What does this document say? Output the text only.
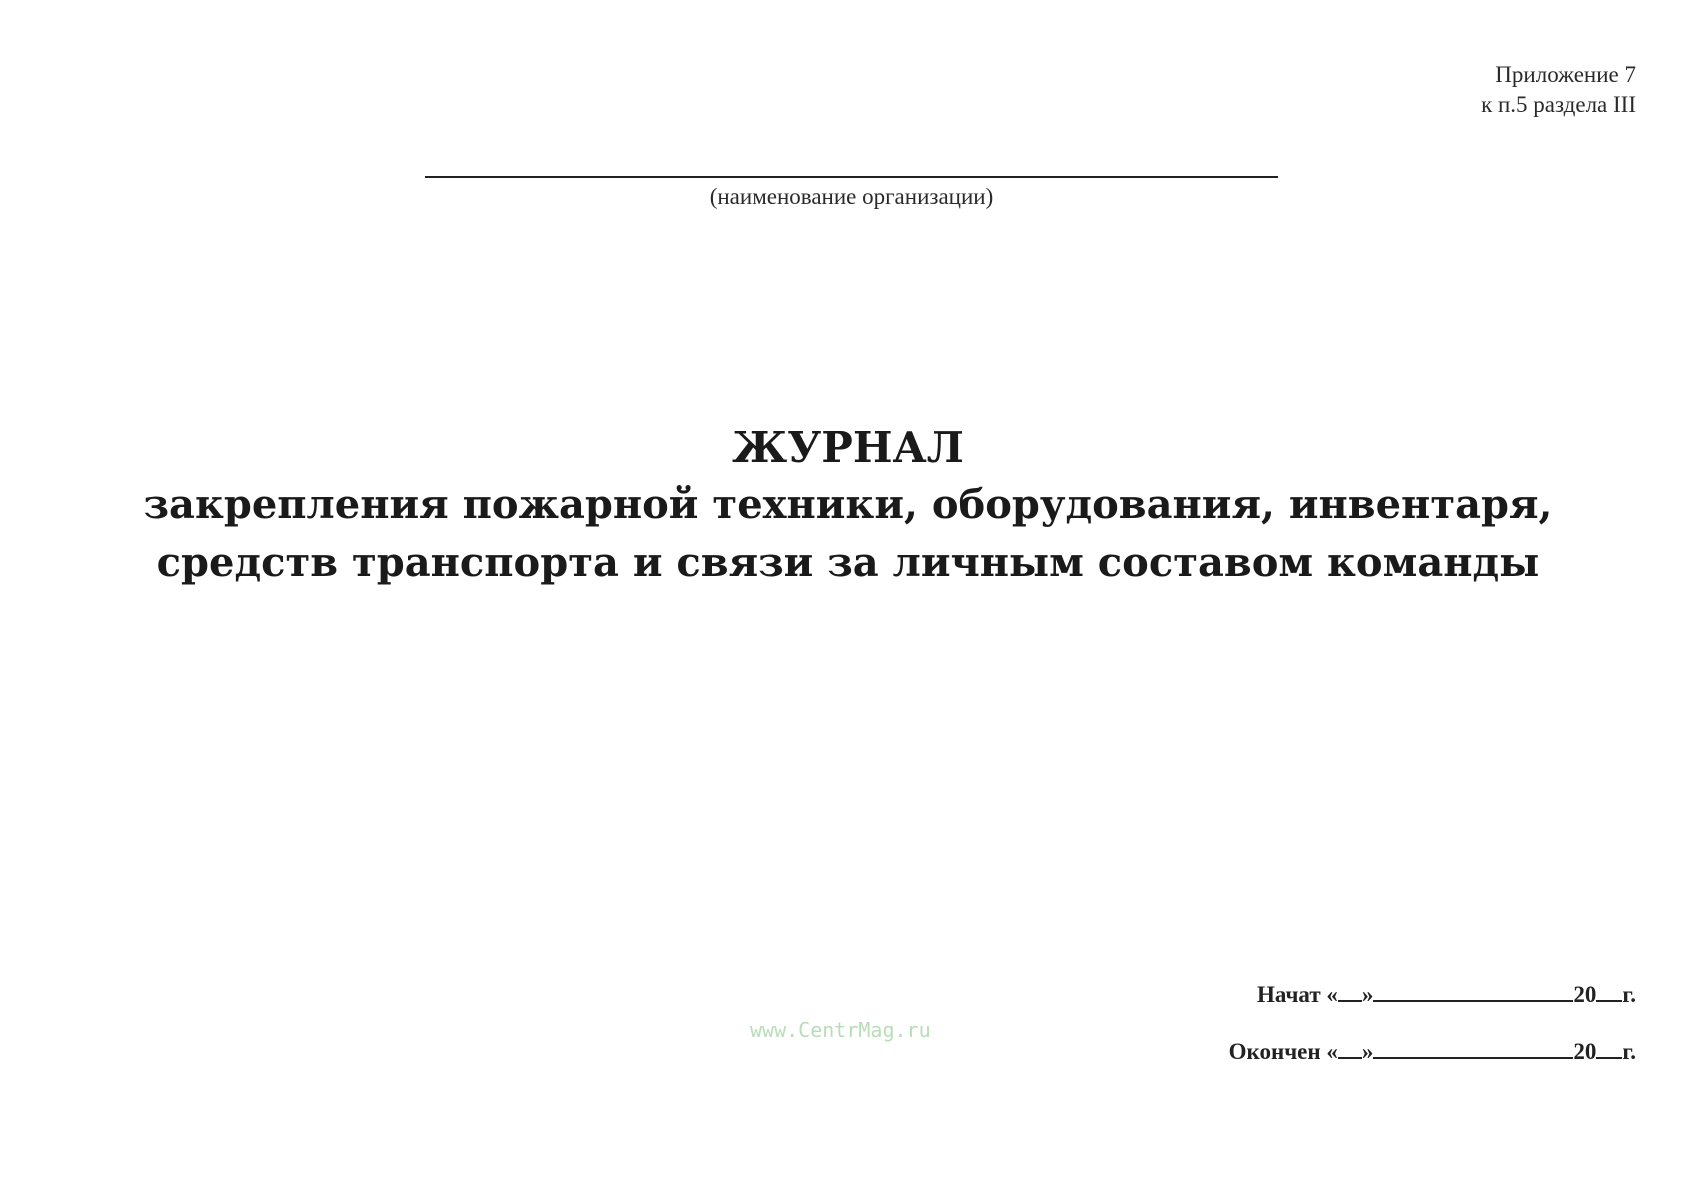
Приложение 7
к п.5 раздела III
(наименование организации)
ЖУРНАЛ
закрепления пожарной техники, оборудования, инвентаря,
средств транспорта и связи за личным составом команды
www.CentrMag.ru
Начат « »	20 г.
Окончен « »	20 г.
